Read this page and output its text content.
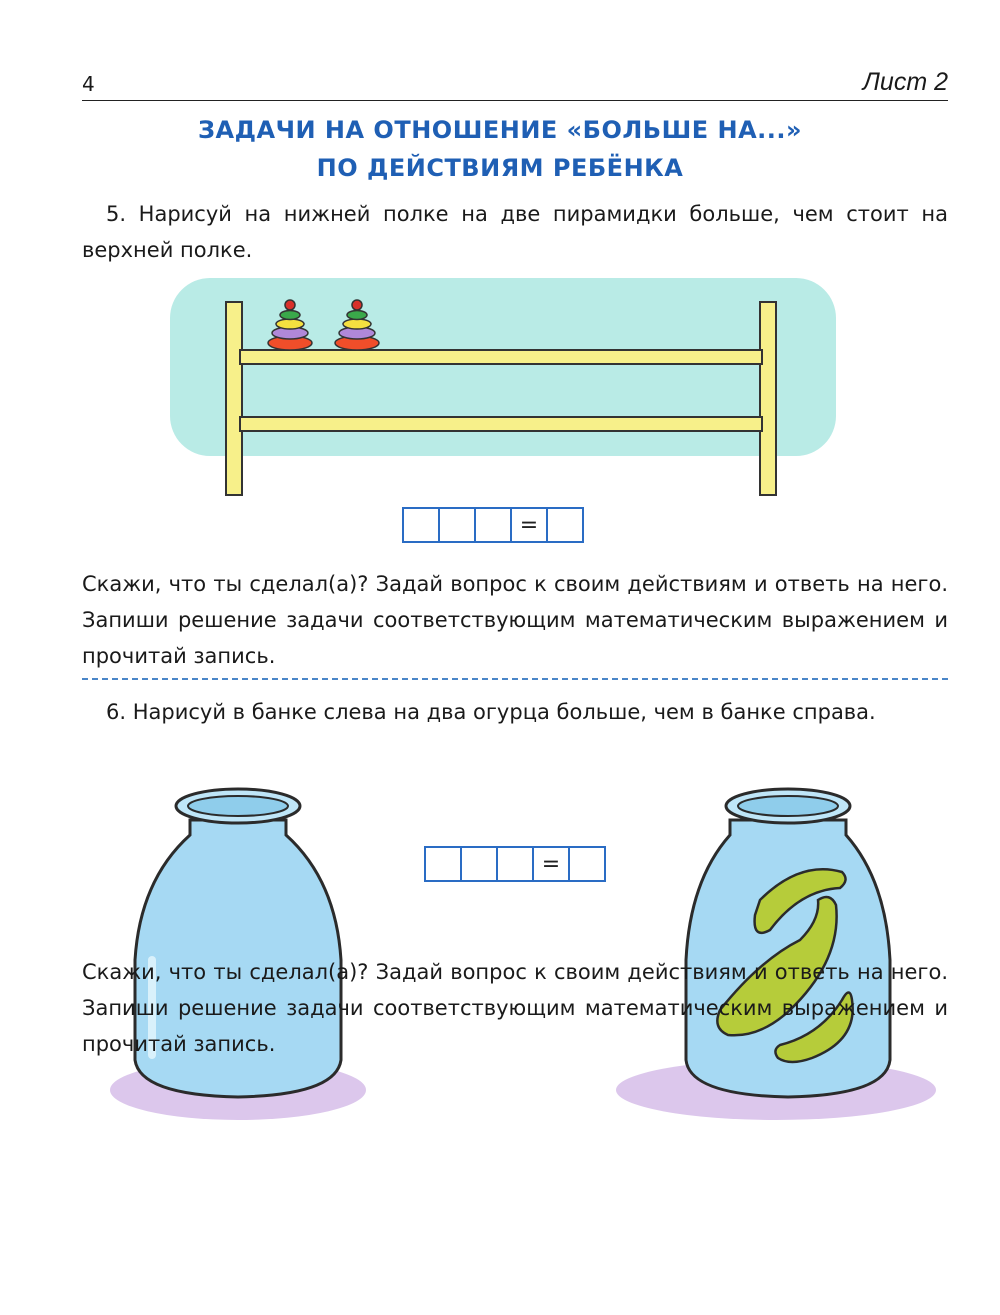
4	Лист 2
ЗАДАЧИ НА ОТНОШЕНИЕ «БОЛЬШЕ НА...»
ПО ДЕЙСТВИЯМ РЕБЁНКА
5. Нарисуй на нижней полке на две пирамидки больше, чем стоит на верхней полке.
=
Скажи, что ты сделал(а)? Задай вопрос к своим действиям и ответь на него. Запиши решение задачи соответствующим математическим выражением и прочитай запись.
6. Нарисуй в банке слева на два огурца больше, чем в банке справа.
=
Скажи, что ты сделал(а)? Задай вопрос к своим действиям и ответь на него. Запиши решение задачи соответствующим математическим выражением и прочитай запись.
